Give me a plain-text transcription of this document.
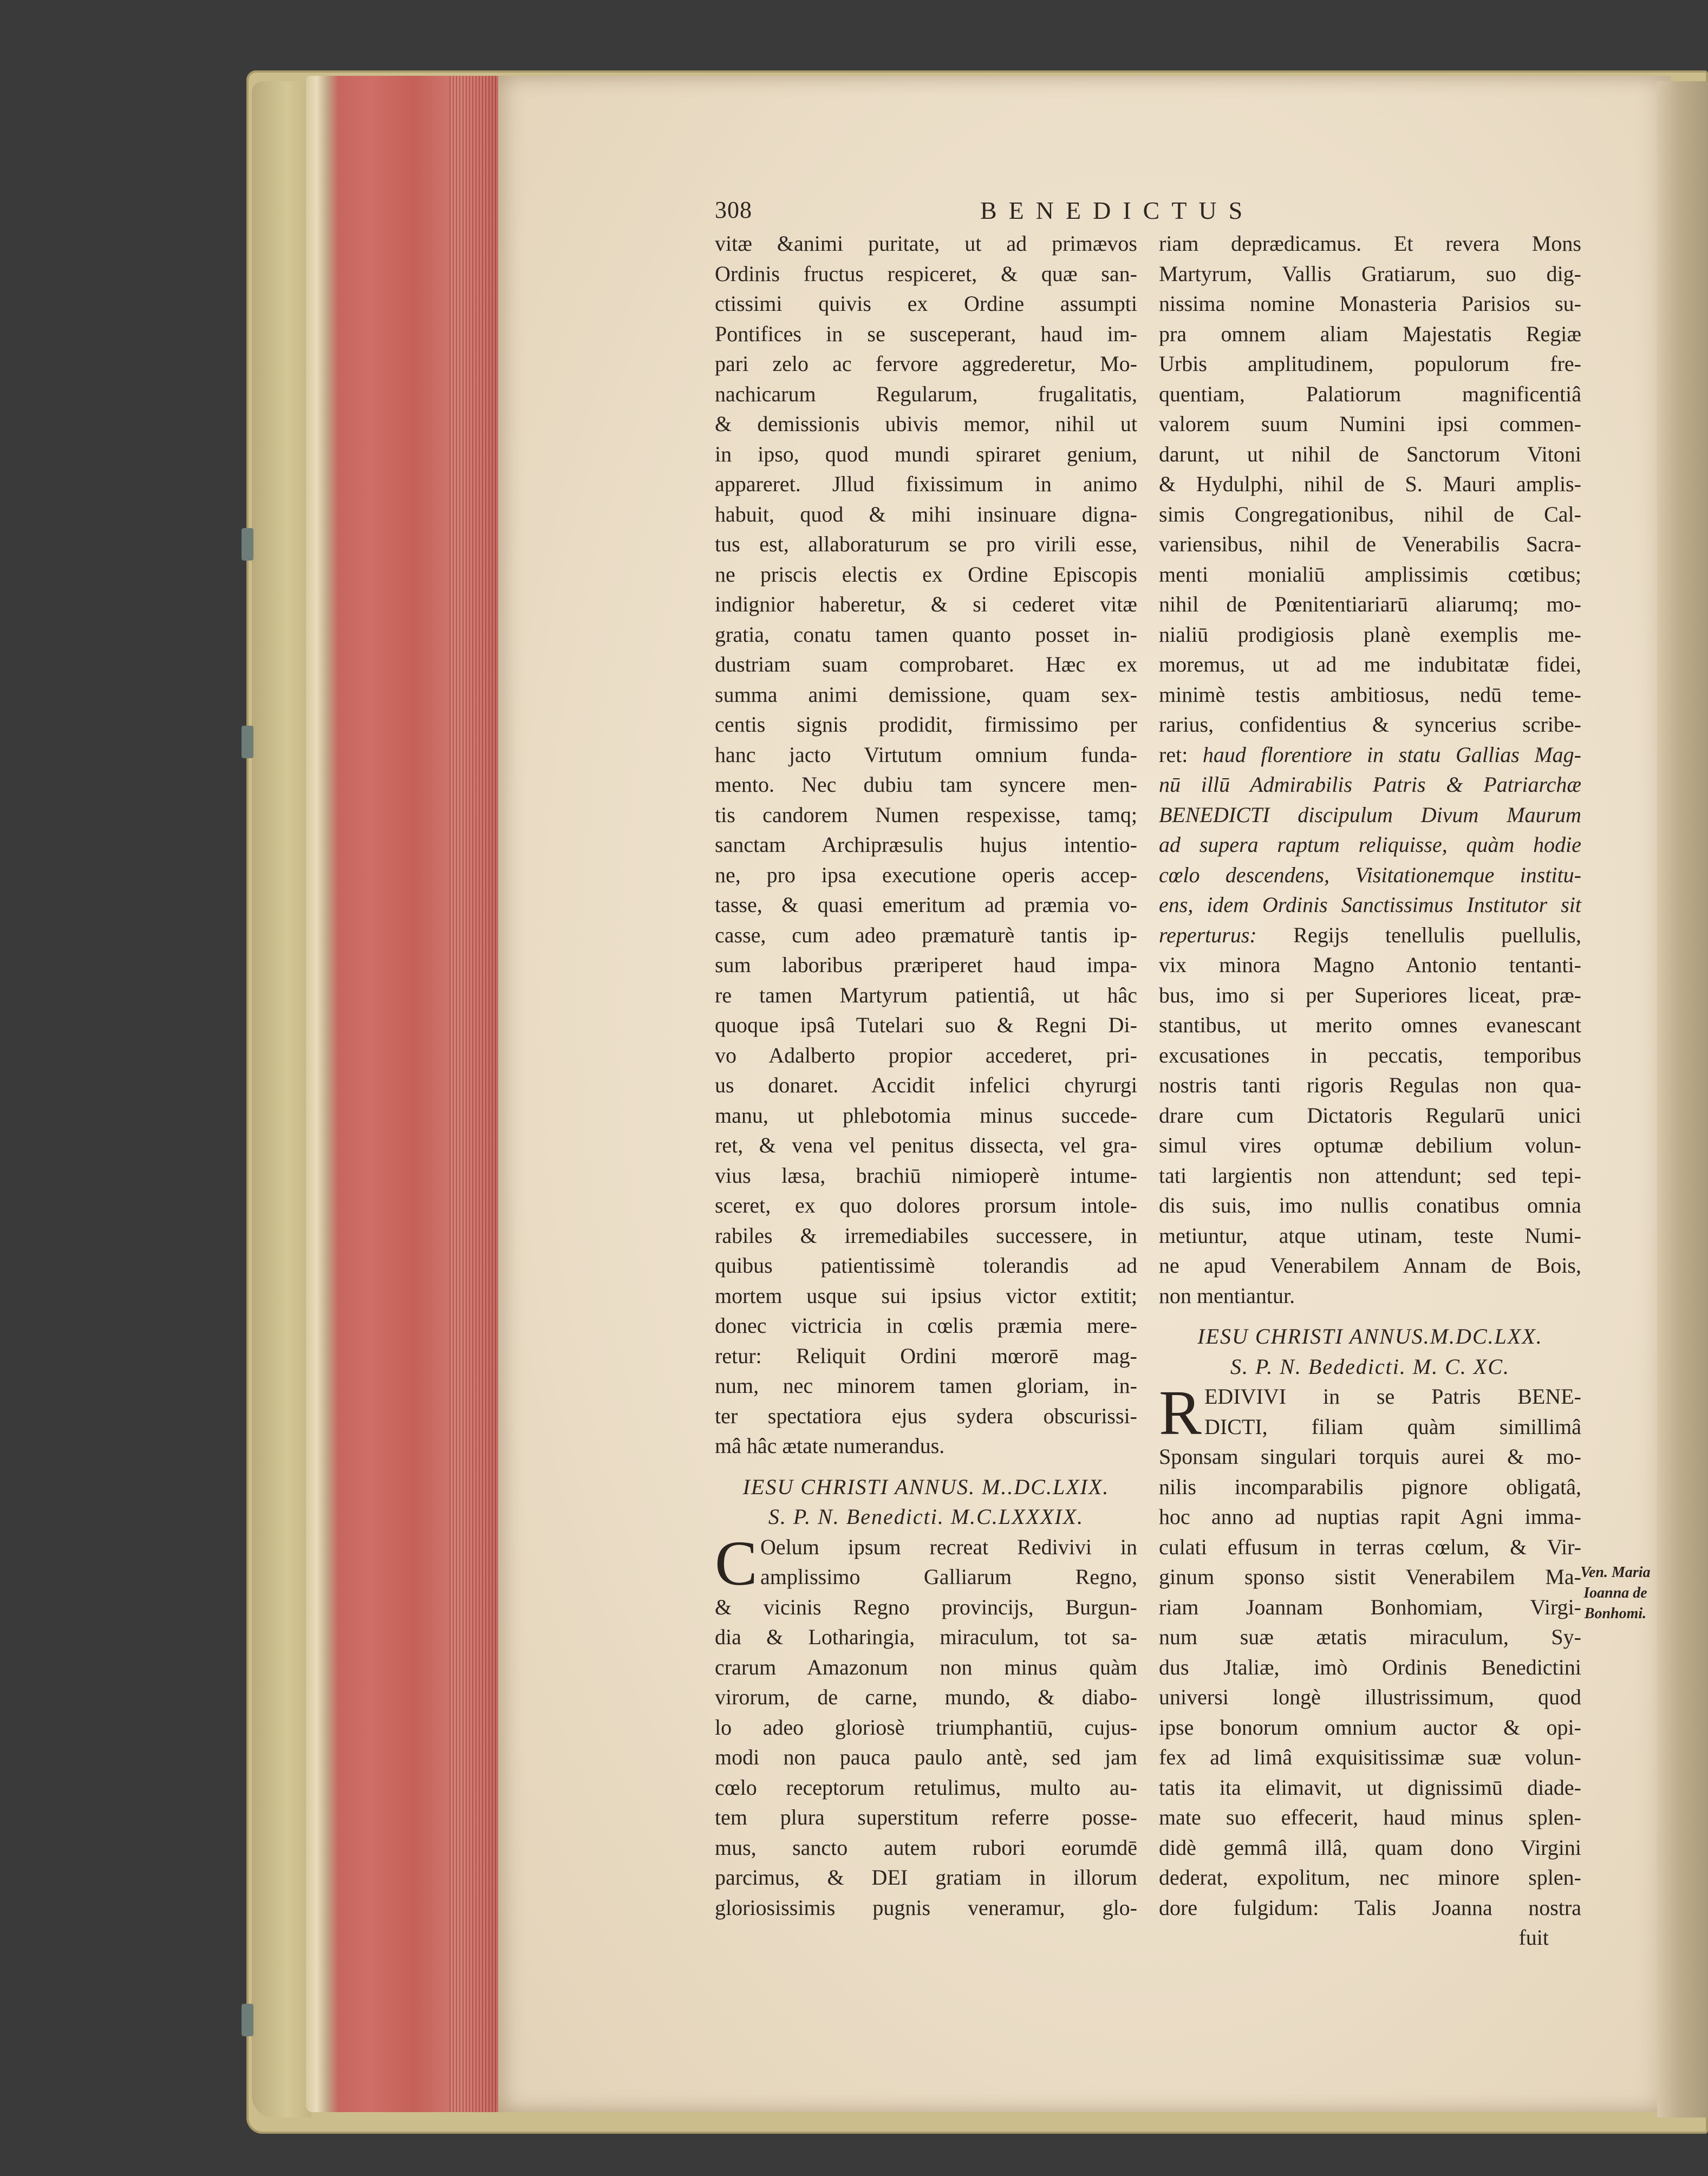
308	BENEDICTUS
vitæ &animi puritate, ut ad primævos
Ordinis fructus respiceret, & quæ san-
ctissimi quivis ex Ordine assumpti
Pontifices in se susceperant, haud im-
pari zelo ac fervore aggrederetur, Mo-
nachicarum Regularum, frugalitatis,
& demissionis ubivis memor, nihil ut
in ipso, quod mundi spiraret genium,
appareret. Jllud fixissimum in animo
habuit, quod & mihi insinuare digna-
tus est, allaboraturum se pro virili esse,
ne priscis electis ex Ordine Episcopis
indignior haberetur, & si cederet vitæ
gratia, conatu tamen quanto posset in-
dustriam suam comprobaret. Hæc ex
summa animi demissione, quam sex-
centis signis prodidit, firmissimo per
hanc jacto Virtutum omnium funda-
mento. Nec dubiu tam syncere men-
tis candorem Numen respexisse, tamq;
sanctam Archipræsulis hujus intentio-
ne, pro ipsa executione operis accep-
tasse, & quasi emeritum ad præmia vo-
casse, cum adeo præmaturè tantis ip-
sum laboribus præriperet haud impa-
re tamen Martyrum patientiâ, ut hâc
quoque ipsâ Tutelari suo & Regni Di-
vo Adalberto propior accederet, pri-
us donaret. Accidit infelici chyrurgi
manu, ut phlebotomia minus succede-
ret, & vena vel penitus dissecta, vel gra-
vius læsa, brachiū nimioperè intume-
sceret, ex quo dolores prorsum intole-
rabiles & irremediabiles successere, in
quibus patientissimè tolerandis ad
mortem usque sui ipsius victor extitit;
donec victricia in cœlis præmia mere-
retur: Reliquit Ordini mœrorē mag-
num, nec minorem tamen gloriam, in-
ter spectatiora ejus sydera obscurissi-
mâ hâc ætate numerandus.
IESU CHRISTI ANNUS. M..DC.LXIX.
S. P. N. Benedicti. M.C.LXXXIX.
C Oelum ipsum recreat Redivivi in
amplissimo Galliarum Regno,
& vicinis Regno provincijs, Burgun-
dia & Lotharingia, miraculum, tot sa-
crarum Amazonum non minus quàm
virorum, de carne, mundo, & diabo-
lo adeo gloriosè triumphantiū, cujus-
modi non pauca paulo antè, sed jam
cœlo receptorum retulimus, multo au-
tem plura superstitum referre posse-
mus, sancto autem rubori eorumdē
parcimus, & DEI gratiam in illorum
gloriosissimis pugnis veneramur, glo-
riam deprædicamus. Et revera Mons
Martyrum, Vallis Gratiarum, suo dig-
nissima nomine Monasteria Parisios su-
pra omnem aliam Majestatis Regiæ
Urbis amplitudinem, populorum fre-
quentiam, Palatiorum magnificentiâ
valorem suum Numini ipsi commen-
darunt, ut nihil de Sanctorum Vitoni
& Hydulphi, nihil de S. Mauri amplis-
simis Congregationibus, nihil de Cal-
variensibus, nihil de Venerabilis Sacra-
menti monialiū amplissimis cœtibus;
nihil de Pœnitentiariarū aliarumq; mo-
nialiū prodigiosis planè exemplis me-
moremus, ut ad me indubitatæ fidei,
minimè testis ambitiosus, nedū teme-
rarius, confidentius & syncerius scribe-
ret: haud florentiore in statu Gallias Mag-
nū illū Admirabilis Patris & Patriarchæ
BENEDICTI discipulum Divum Maurum
ad supera raptum reliquisse, quàm hodie
cœlo descendens, Visitationemque institu-
ens, idem Ordinis Sanctissimus Institutor sit
reperturus: Regijs tenellulis puellulis,
vix minora Magno Antonio tentanti-
bus, imo si per Superiores liceat, præ-
stantibus, ut merito omnes evanescant
excusationes in peccatis, temporibus
nostris tanti rigoris Regulas non qua-
drare cum Dictatoris Regularū unici
simul vires optumæ debilium volun-
tati largientis non attendunt; sed tepi-
dis suis, imo nullis conatibus omnia
metiuntur, atque utinam, teste Numi-
ne apud Venerabilem Annam de Bois,
non mentiantur.
IESU CHRISTI ANNUS.M.DC.LXX.
S. P. N. Bededicti. M. C. XC.
R EDIVIVI in se Patris BENE-
DICTI, filiam quàm simillimâ
Sponsam singulari torquis aurei & mo-
nilis incomparabilis pignore obligatâ,
hoc anno ad nuptias rapit Agni imma-
culati effusum in terras cœlum, & Vir-
ginum sponso sistit Venerabilem Ma-
riam Joannam Bonhomiam, Virgi-
num suæ ætatis miraculum, Sy-
dus Jtaliæ, imò Ordinis Benedictini
universi longè illustrissimum, quod
ipse bonorum omnium auctor & opi-
fex ad limâ exquisitissimæ suæ volun-
tatis ita elimavit, ut dignissimū diade-
mate suo effecerit, haud minus splen-
didè gemmâ illâ, quam dono Virgini
dederat, expolitum, nec minore splen-
dore fulgidum: Talis Joanna nostra
fuit
Ven. Maria
Ioanna de
Bonhomi.
